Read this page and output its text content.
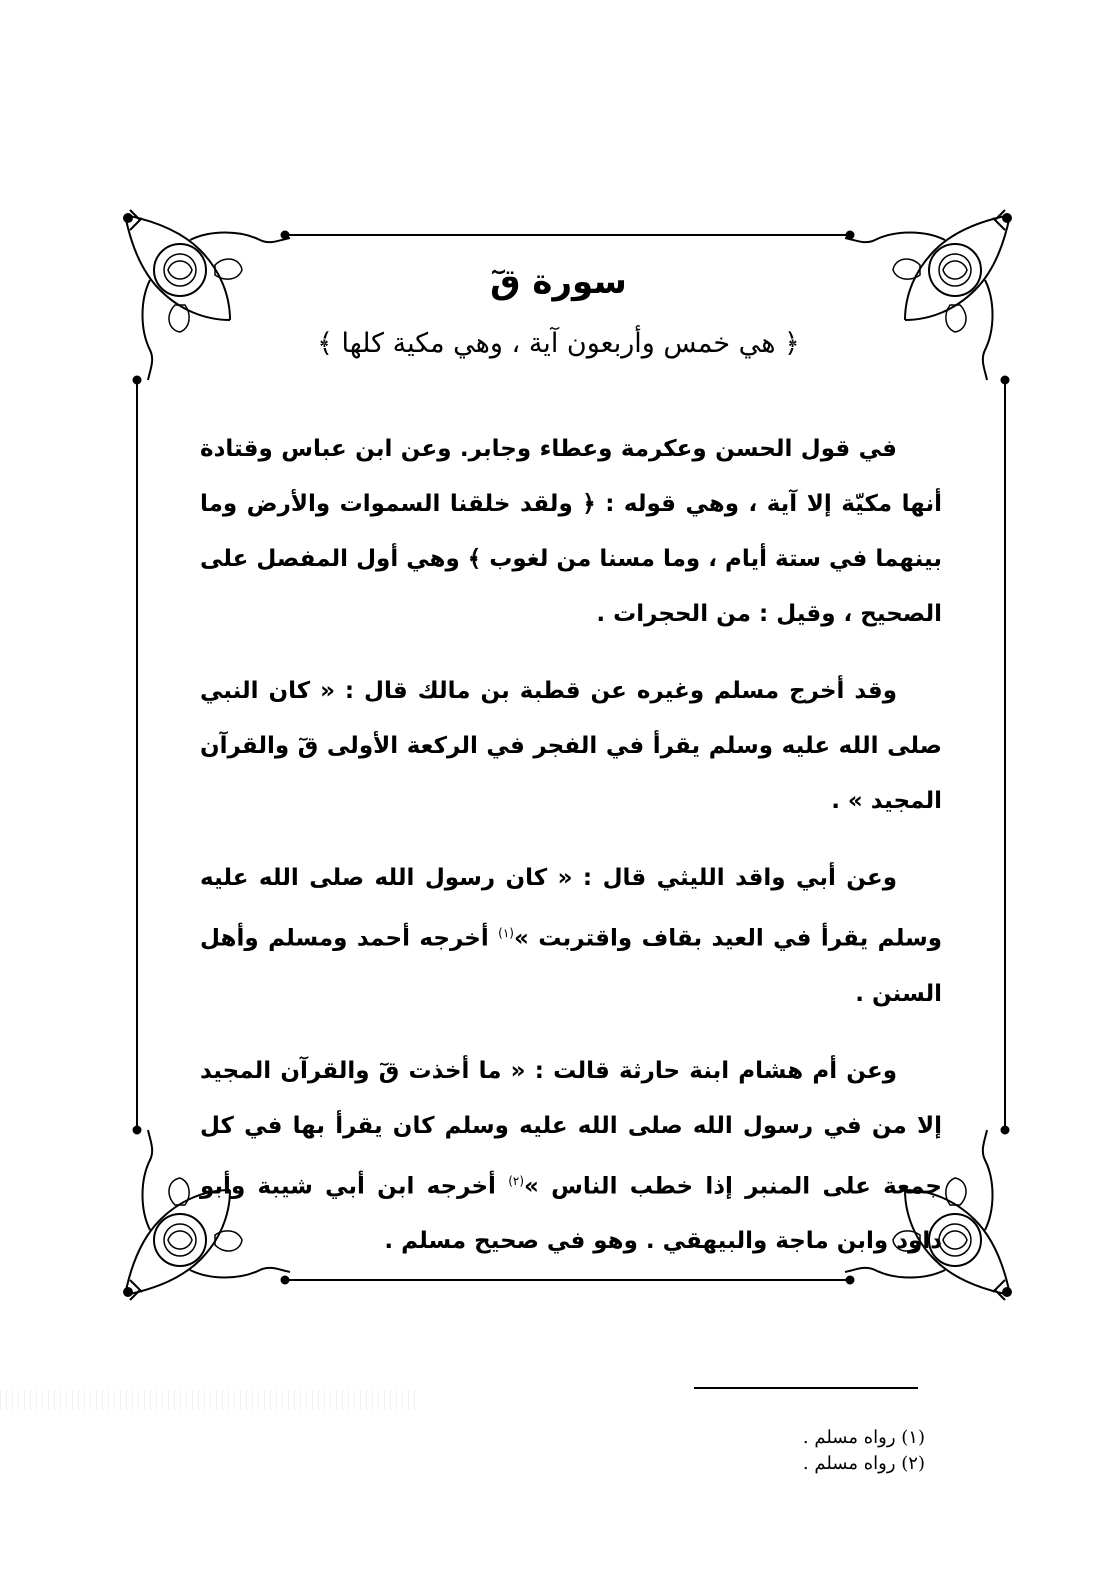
سورة قٓ
﴿ هي خمس وأربعون آية ، وهي مكية كلها ﴾

في قول الحسن وعكرمة وعطاء وجابر. وعن ابن عباس وقتادة أنها مكيّة إلا آية ، وهي قوله : ﴿ ولقد خلقنا السموات والأرض وما بينهما في ستة أيام ، وما مسنا من لغوب ﴾ وهي أول المفصل على الصحيح ، وقيل : من الحجرات .

وقد أخرج مسلم وغيره عن قطبة بن مالك قال : « كان النبي صلى الله عليه وسلم يقرأ في الفجر في الركعة الأولى قٓ والقرآن المجيد » .

وعن أبي واقد الليثي قال : « كان رسول الله صلى الله عليه وسلم يقرأ في العيد بقاف واقتربت »$^{(١)}$ أخرجه أحمد ومسلم وأهل السنن .

وعن أم هشام ابنة حارثة قالت : « ما أخذت قٓ والقرآن المجيد إلا من في رسول الله صلى الله عليه وسلم كان يقرأ بها في كل جمعة على المنبر إذا خطب الناس »$^{(٢)}$ أخرجه ابن أبي شيبة وأبو داود وابن ماجة والبيهقي . وهو في صحيح مسلم .

(١) رواه مسلم .
(٢) رواه مسلم .
